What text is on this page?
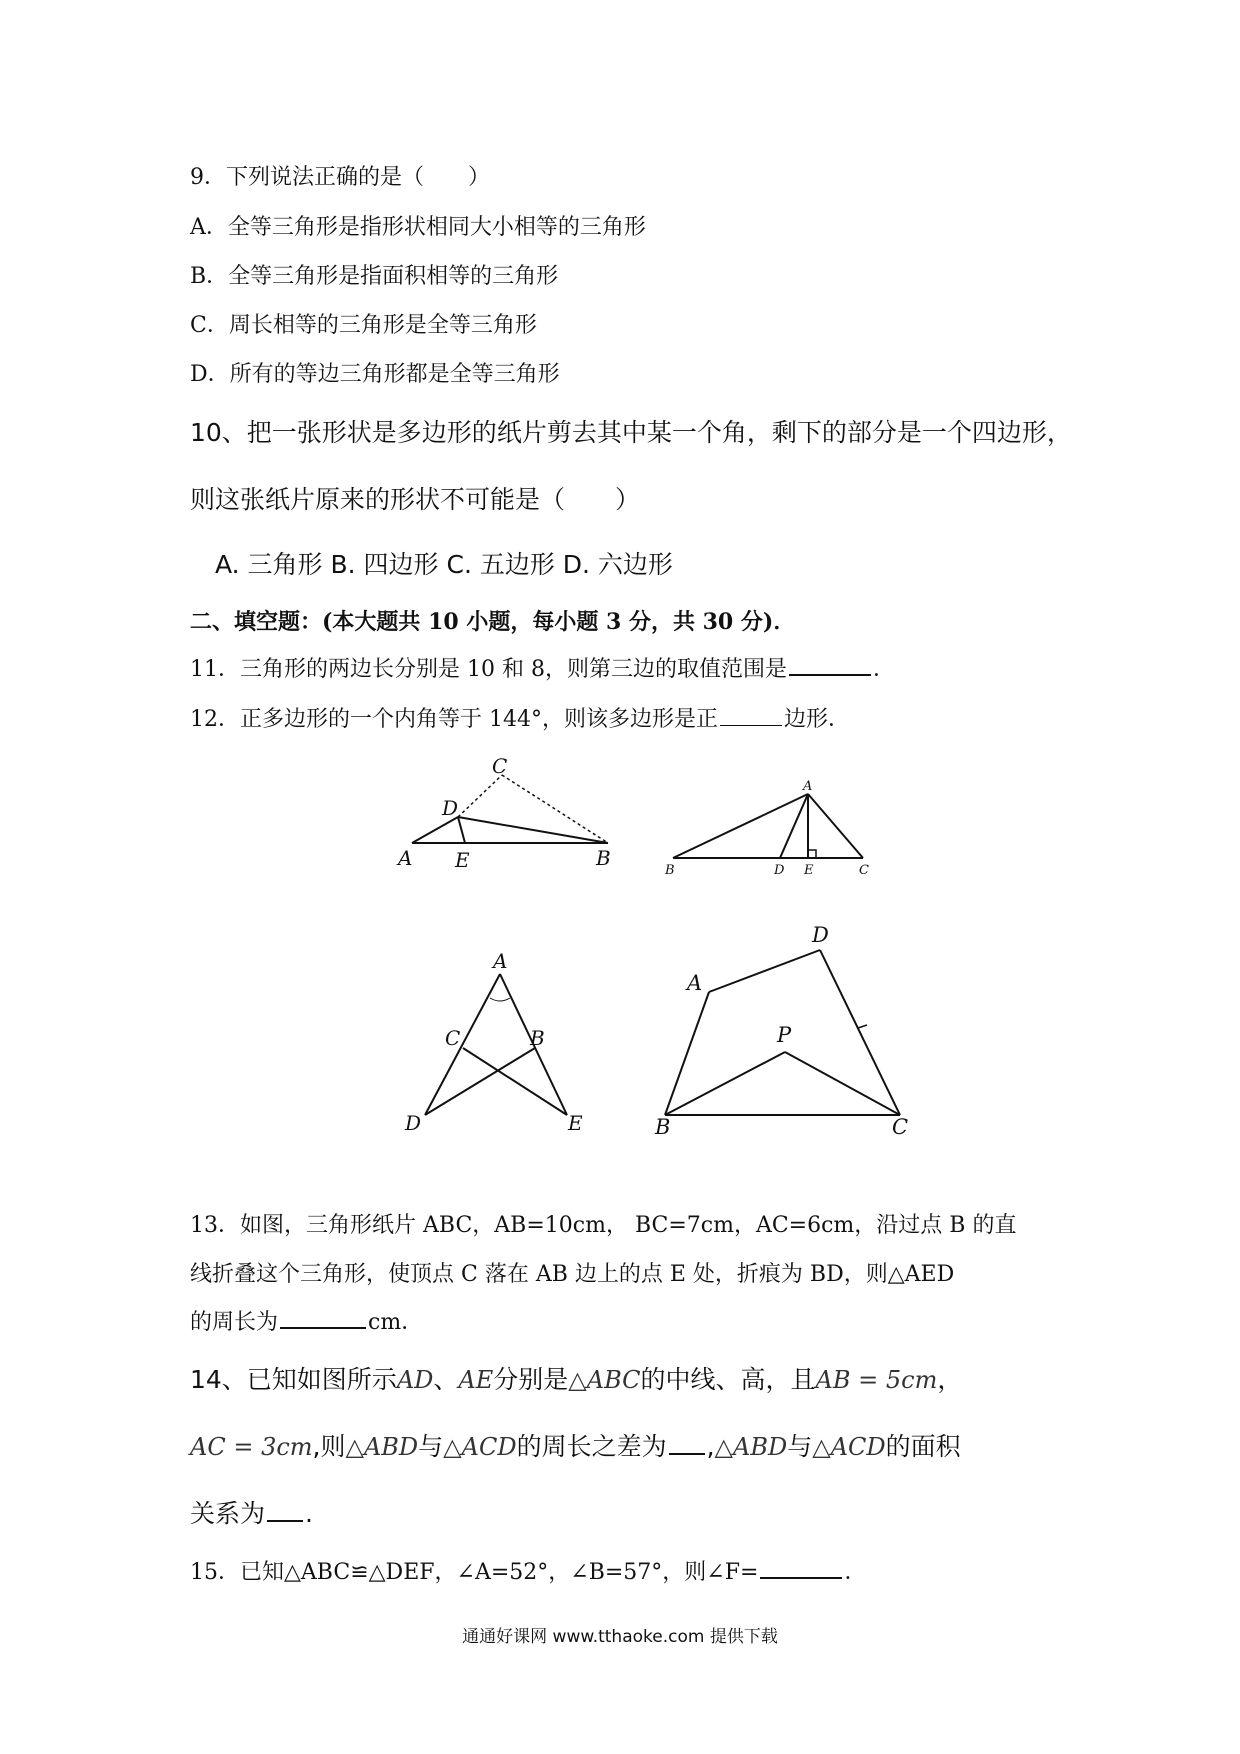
9．下列说法正确的是（　　）
A．全等三角形是指形状相同大小相等的三角形
B．全等三角形是指面积相等的三角形
C．周长相等的三角形是全等三角形
D．所有的等边三角形都是全等三角形
10、把一张形状是多边形的纸片剪去其中某一个角，剩下的部分是一个四边形，
则这张纸片原来的形状不可能是（　　）
A. 三角形 B. 四边形 C. 五边形 D. 六边形
二、填空题：(本大题共 10 小题，每小题 3 分，共 30 分)．
11．三角形的两边长分别是 10 和 8，则第三边的取值范围是	．
12．正多边形的一个内角等于 144°，则该多边形是正	边形．
C
D
A E	B
A
B	D E	C
A
C	B
D	E
D
A
P
B	C
13．如图，三角形纸片 ABC，AB=10cm， BC=7cm，AC=6cm，沿过点 B 的直
线折叠这个三角形，使顶点 C 落在 AB 边上的点 E 处，折痕为 BD，则△AED
的周长为	cm．
14、已知如图所示AD、AE分别是△ABC的中线、高，且AB = 5cm，
AC = 3cm,则△ABD与△ACD的周长之差为 ,△ABD与△ACD的面积
关系为 .
15．已知△ABC≌△DEF，∠A=52°，∠B=57°，则∠F=	．
通通好课网 www.tthaoke.com 提供下载
